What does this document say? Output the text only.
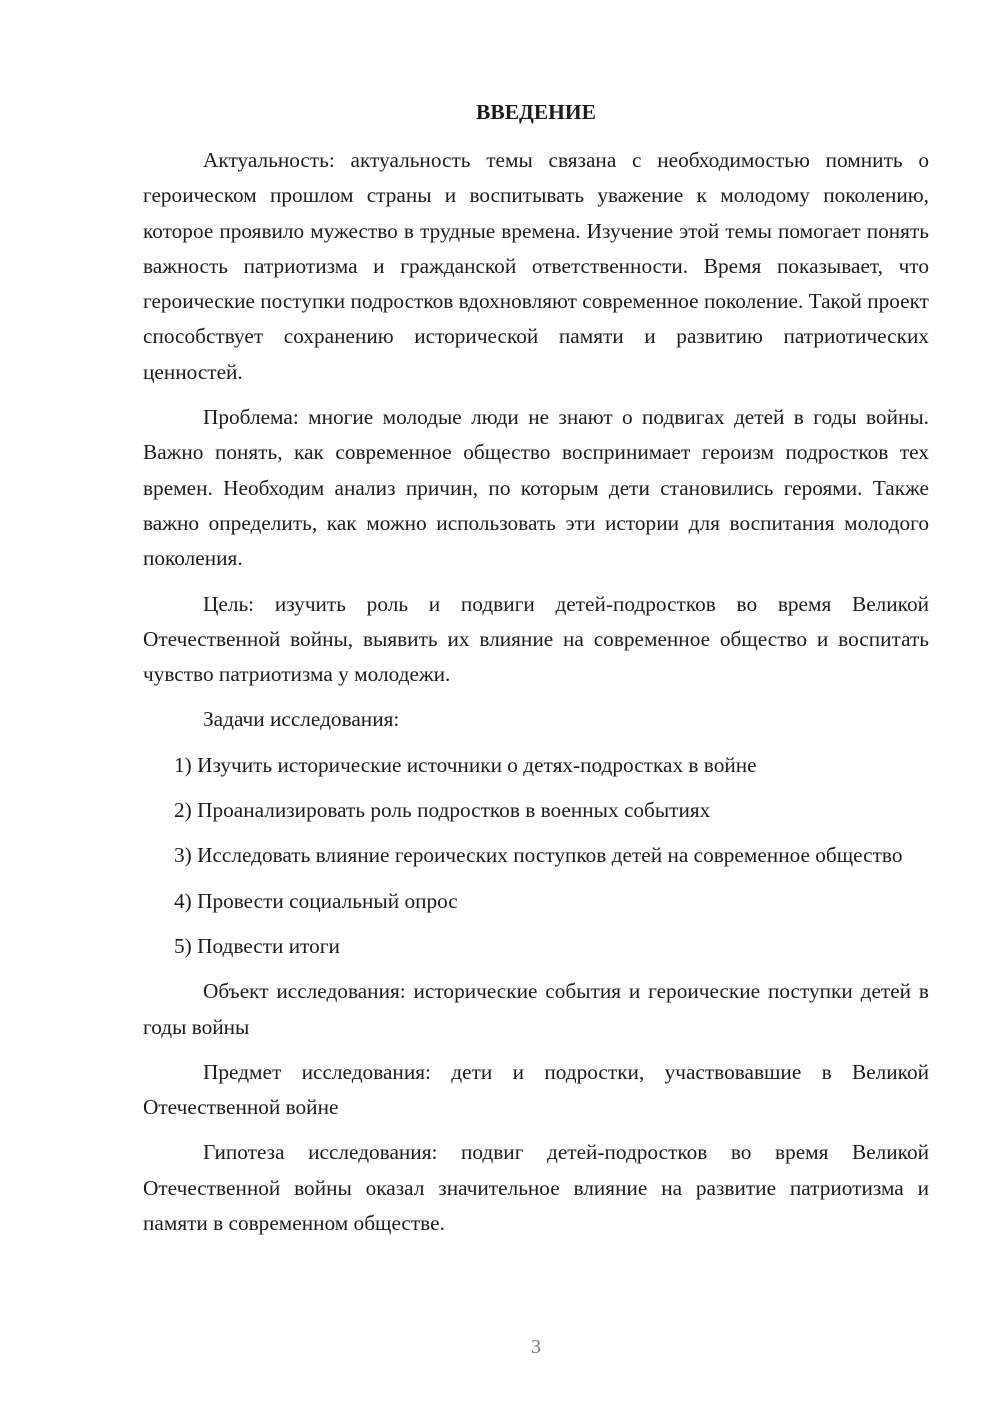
ВВЕДЕНИЕ

Актуальность: актуальность темы связана с необходимостью помнить о героическом прошлом страны и воспитывать уважение к молодому поколению, которое проявило мужество в трудные времена. Изучение этой темы помогает понять важность патриотизма и гражданской ответственности. Время показывает, что героические поступки подростков вдохновляют современное поколение. Такой проект способствует сохранению исторической памяти и развитию патриотических ценностей.

Проблема: многие молодые люди не знают о подвигах детей в годы войны. Важно понять, как современное общество воспринимает героизм подростков тех времен. Необходим анализ причин, по которым дети становились героями. Также важно определить, как можно использовать эти истории для воспитания молодого поколения.

Цель: изучить роль и подвиги детей-подростков во время Великой Отечественной войны, выявить их влияние на современное общество и воспитать чувство патриотизма у молодежи.

Задачи исследования:

1) Изучить исторические источники о детях-подростках в войне

2) Проанализировать роль подростков в военных событиях

3) Исследовать влияние героических поступков детей на современное общество

4) Провести социальный опрос

5) Подвести итоги

Объект исследования: исторические события и героические поступки детей в годы войны

Предмет исследования: дети и подростки, участвовавшие в Великой Отечественной войне

Гипотеза исследования: подвиг детей-подростков во время Великой Отечественной войны оказал значительное влияние на развитие патриотизма и памяти в современном обществе.

3
